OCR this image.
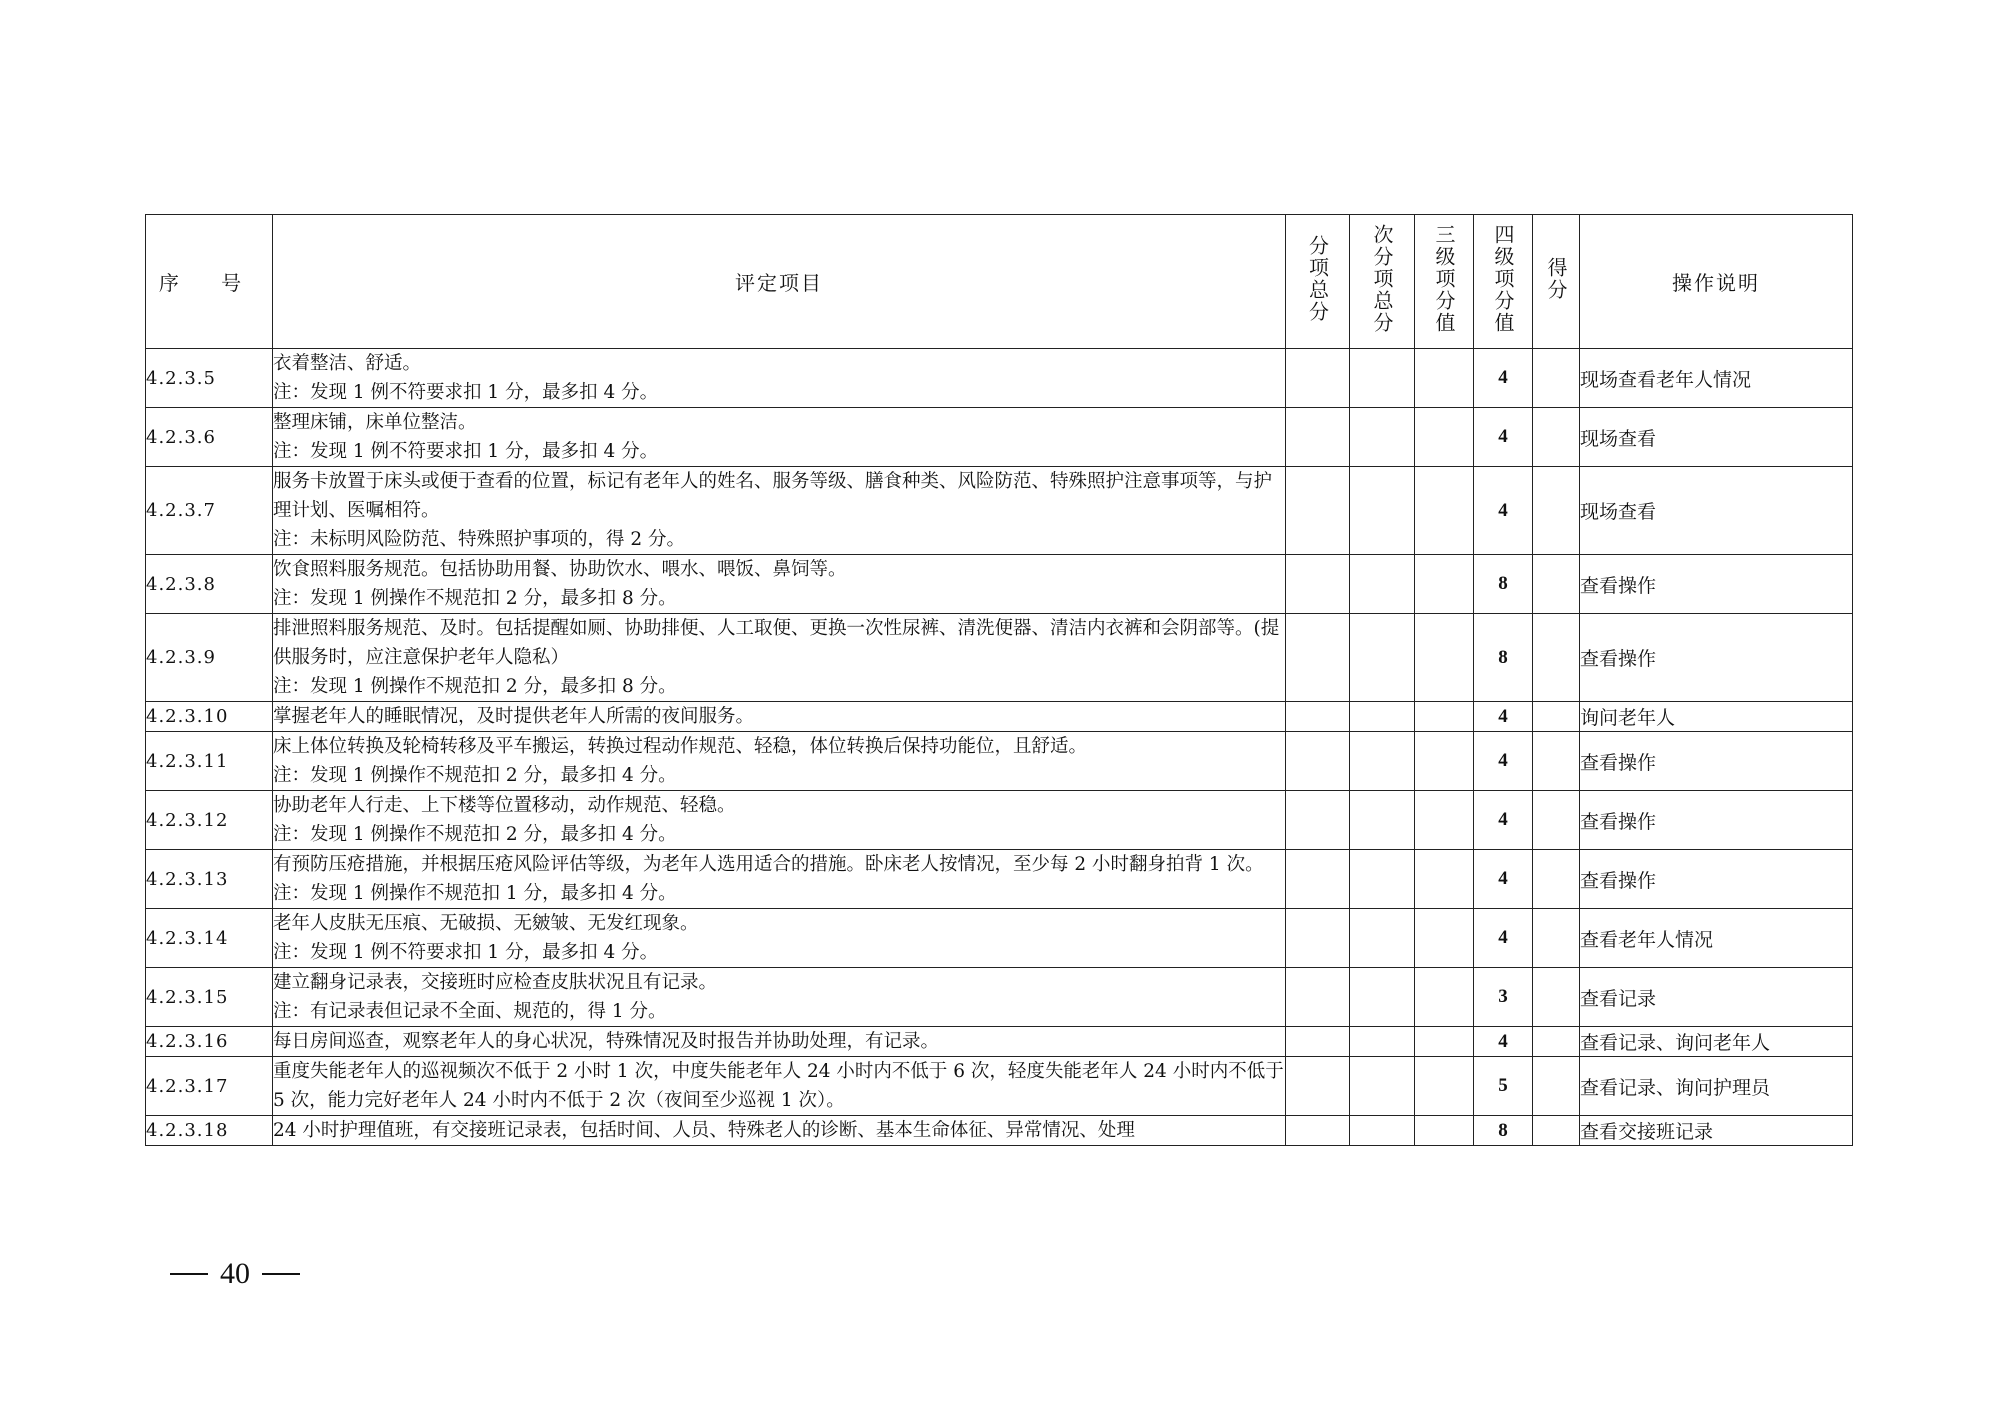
序 号	评定项目	分项总分	次分项总分	三级项分值	四级项分值	得分	操作说明
4.2.3.5	衣着整洁、舒适。
注：发现 1 例不符要求扣 1 分，最多扣 4 分。				4		现场查看老年人情况
4.2.3.6	整理床铺，床单位整洁。
注：发现 1 例不符要求扣 1 分，最多扣 4 分。				4		现场查看
4.2.3.7	服务卡放置于床头或便于查看的位置，标记有老年人的姓名、服务等级、膳食种类、风险防范、特殊照护注意事项等，与护理计划、医嘱相符。
注：未标明风险防范、特殊照护事项的，得 2 分。				4		现场查看
4.2.3.8	饮食照料服务规范。包括协助用餐、协助饮水、喂水、喂饭、鼻饲等。
注：发现 1 例操作不规范扣 2 分，最多扣 8 分。				8		查看操作
4.2.3.9	排泄照料服务规范、及时。包括提醒如厕、协助排便、人工取便、更换一次性尿裤、清洗便器、清洁内衣裤和会阴部等。(提供服务时，应注意保护老年人隐私）
注：发现 1 例操作不规范扣 2 分，最多扣 8 分。				8		查看操作
4.2.3.10	掌握老年人的睡眠情况，及时提供老年人所需的夜间服务。				4		询问老年人
4.2.3.11	床上体位转换及轮椅转移及平车搬运，转换过程动作规范、轻稳，体位转换后保持功能位，且舒适。
注：发现 1 例操作不规范扣 2 分，最多扣 4 分。				4		查看操作
4.2.3.12	协助老年人行走、上下楼等位置移动，动作规范、轻稳。
注：发现 1 例操作不规范扣 2 分，最多扣 4 分。				4		查看操作
4.2.3.13	有预防压疮措施，并根据压疮风险评估等级，为老年人选用适合的措施。卧床老人按情况，至少每 2 小时翻身拍背 1 次。
注：发现 1 例操作不规范扣 1 分，最多扣 4 分。				4		查看操作
4.2.3.14	老年人皮肤无压痕、无破损、无皴皱、无发红现象。
注：发现 1 例不符要求扣 1 分，最多扣 4 分。				4		查看老年人情况
4.2.3.15	建立翻身记录表，交接班时应检查皮肤状况且有记录。
注：有记录表但记录不全面、规范的，得 1 分。				3		查看记录
4.2.3.16	每日房间巡查，观察老年人的身心状况，特殊情况及时报告并协助处理，有记录。				4		查看记录、询问老年人
4.2.3.17	重度失能老年人的巡视频次不低于 2 小时 1 次，中度失能老年人 24 小时内不低于 6 次，轻度失能老年人 24 小时内不低于 5 次，能力完好老年人 24 小时内不低于 2 次（夜间至少巡视 1 次）。				5		查看记录、询问护理员
4.2.3.18	24 小时护理值班，有交接班记录表，包括时间、人员、特殊老人的诊断、基本生命体征、异常情况、处理				8		查看交接班记录
40
